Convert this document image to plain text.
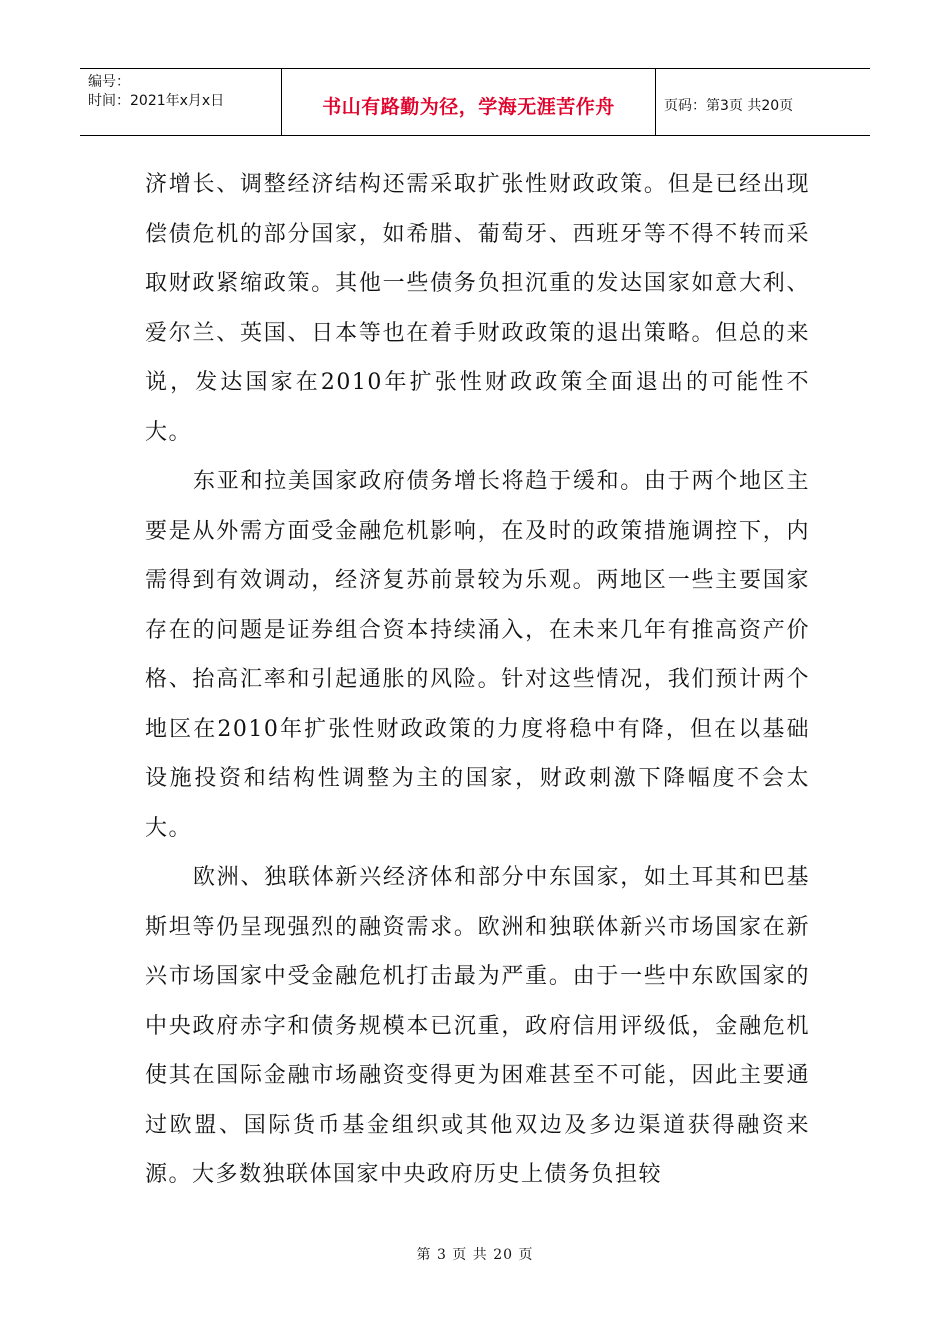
编号：
时间：2021年x月x日	书山有路勤为径，学海无涯苦作舟	页码：第3页 共20页

济增长、调整经济结构还需采取扩张性财政政策。但是已经出现偿债危机的部分国家，如希腊、葡萄牙、西班牙等不得不转而采取财政紧缩政策。其他一些债务负担沉重的发达国家如意大利、爱尔兰、英国、日本等也在着手财政政策的退出策略。但总的来说，发达国家在2010年扩张性财政政策全面退出的可能性不大。

东亚和拉美国家政府债务增长将趋于缓和。由于两个地区主要是从外需方面受金融危机影响，在及时的政策措施调控下，内需得到有效调动，经济复苏前景较为乐观。两地区一些主要国家存在的问题是证券组合资本持续涌入，在未来几年有推高资产价格、抬高汇率和引起通胀的风险。针对这些情况，我们预计两个地区在2010年扩张性财政政策的力度将稳中有降，但在以基础设施投资和结构性调整为主的国家，财政刺激下降幅度不会太大。

欧洲、独联体新兴经济体和部分中东国家，如土耳其和巴基斯坦等仍呈现强烈的融资需求。欧洲和独联体新兴市场国家在新兴市场国家中受金融危机打击最为严重。由于一些中东欧国家的中央政府赤字和债务规模本已沉重，政府信用评级低，金融危机使其在国际金融市场融资变得更为困难甚至不可能，因此主要通过欧盟、国际货币基金组织或其他双边及多边渠道获得融资来源。大多数独联体国家中央政府历史上债务负担较

第 3 页 共 20 页
